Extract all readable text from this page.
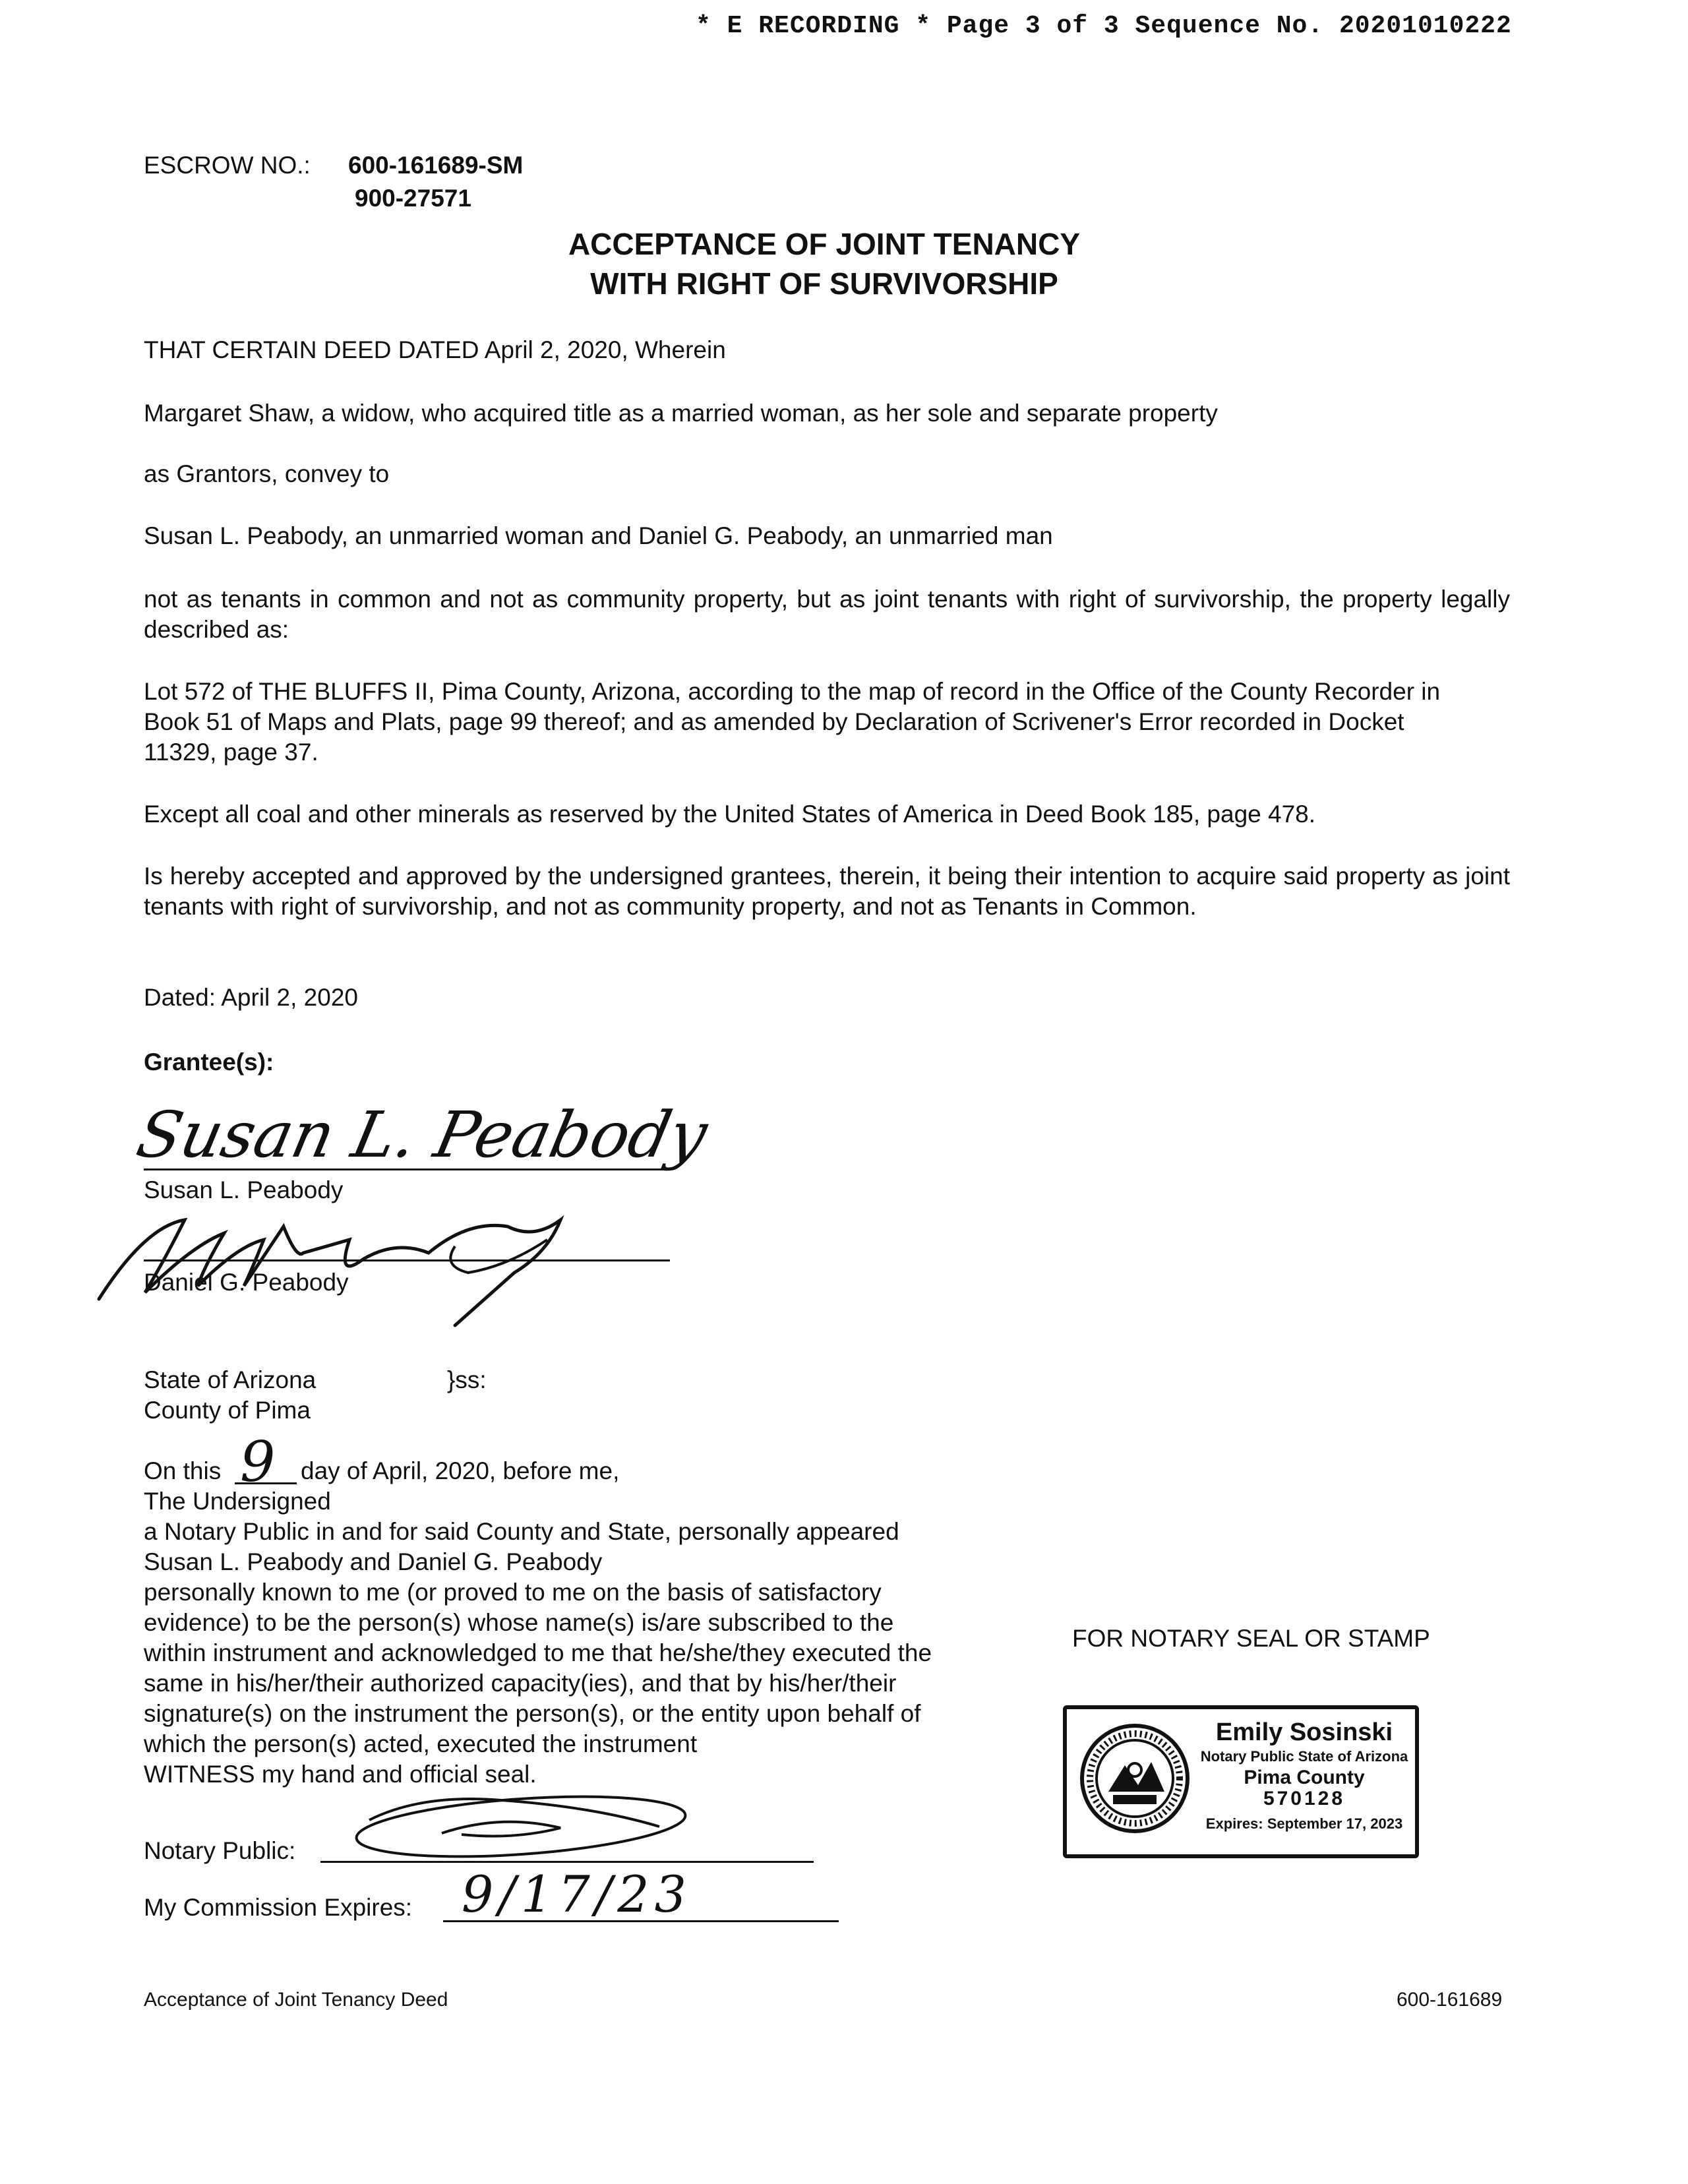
* E RECORDING * Page 3 of 3 Sequence No. 20201010222
ESCROW NO.: 600-161689-SM
900-27571
ACCEPTANCE OF JOINT TENANCY
WITH RIGHT OF SURVIVORSHIP
THAT CERTAIN DEED DATED April 2, 2020, Wherein
Margaret Shaw, a widow, who acquired title as a married woman, as her sole and separate property
as Grantors, convey to
Susan L. Peabody, an unmarried woman and Daniel G. Peabody, an unmarried man
not as tenants in common and not as community property, but as joint tenants with right of survivorship, the property legally described as:
Lot 572 of THE BLUFFS II, Pima County, Arizona, according to the map of record in the Office of the County Recorder in Book 51 of Maps and Plats, page 99 thereof; and as amended by Declaration of Scrivener's Error recorded in Docket 11329, page 37.
Except all coal and other minerals as reserved by the United States of America in Deed Book 185, page 478.
Is hereby accepted and approved by the undersigned grantees, therein, it being their intention to acquire said property as joint tenants with right of survivorship, and not as community property, and not as Tenants in Common.
Dated: April 2, 2020
Grantee(s):
Susan L. Peabody
Susan L. Peabody
Daniel G. Peabody
State of Arizona	}ss:
County of Pima
On this 9 day of April, 2020, before me,
The Undersigned
a Notary Public in and for said County and State, personally appeared
Susan L. Peabody and Daniel G. Peabody
personally known to me (or proved to me on the basis of satisfactory
evidence) to be the person(s) whose name(s) is/are subscribed to the
within instrument and acknowledged to me that he/she/they executed the
same in his/her/their authorized capacity(ies), and that by his/her/their
signature(s) on the instrument the person(s), or the entity upon behalf of
which the person(s) acted, executed the instrument
WITNESS my hand and official seal.
Notary Public:
My Commission Expires: 9/17/23
FOR NOTARY SEAL OR STAMP
Emily Sosinski
Notary Public State of Arizona
Pima County
570128
Expires: September 17, 2023
Acceptance of Joint Tenancy Deed	600-161689
